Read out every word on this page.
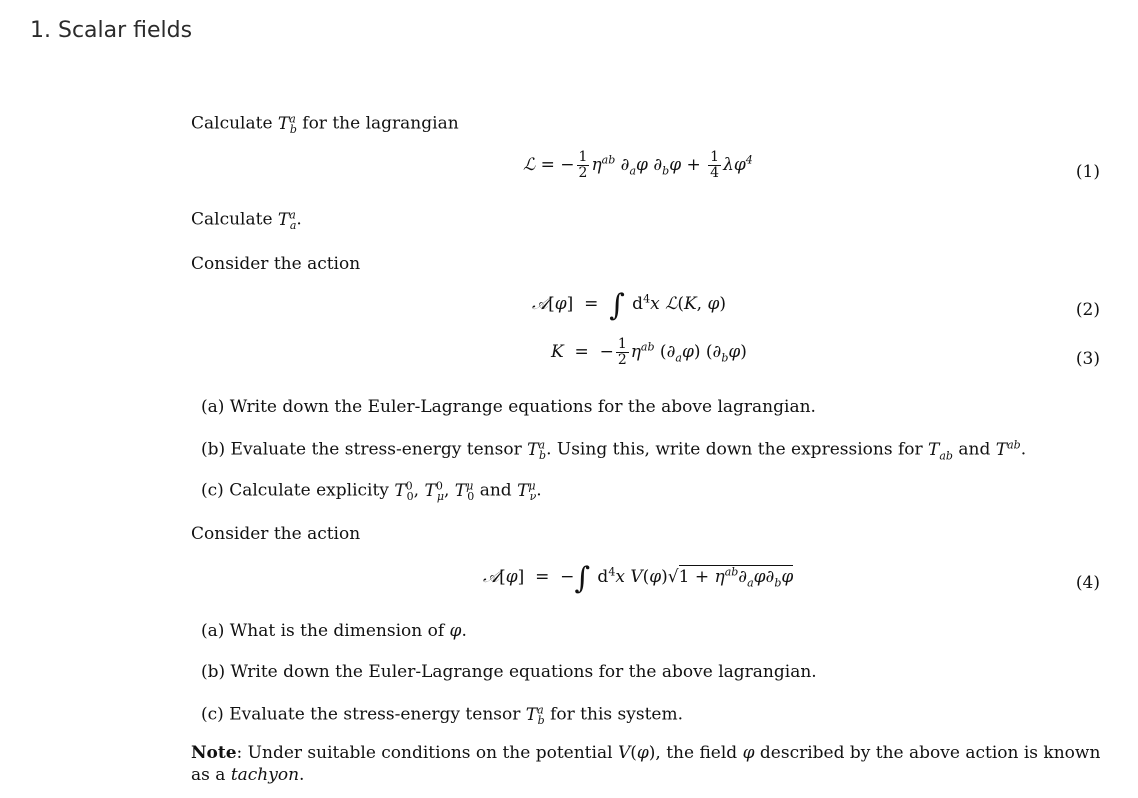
1. Scalar fields
Calculate $T^a_b$ for the lagrangian
ℒ = − $\frac{1}{2} \eta^{ab}$ $\partial_a\varphi$ $\partial_b\varphi + \frac{1}{4} \lambda\varphi^4$
(1)
Calculate $T^a_a$.
Consider the action
𝒜[φ]  =  ∫ $d^4x$ ℒ(K, φ)	(2)
K  =  − $\frac{1}{2} \eta^{ab}$ $(\partial_a\varphi)$ $(\partial_b\varphi)$	(3)
(a) Write down the Euler-Lagrange equations for the above lagrangian.
(b) Evaluate the stress-energy tensor $T^a_b$. Using this, write down the expressions for $T_{ab}$ and $T^{ab}$.
(c) Calculate explicity $T^0_0$, $T^0_\mu$, $T^\mu_0$ and $T^\mu_\nu$.
Consider the action
𝒜[φ]  =  −∫ $d^4x$ $V(\varphi)√1 + \eta^{ab}\partial_a\varphi\partial_b\varphi$	(4)
(a) What is the dimension of φ.
(b) Write down the Euler-Lagrange equations for the above lagrangian.
(c) Evaluate the stress-energy tensor $T^a_b$ for this system.
Note: Under suitable conditions on the potential V(φ), the field φ described by the above action is known as a tachyon.
